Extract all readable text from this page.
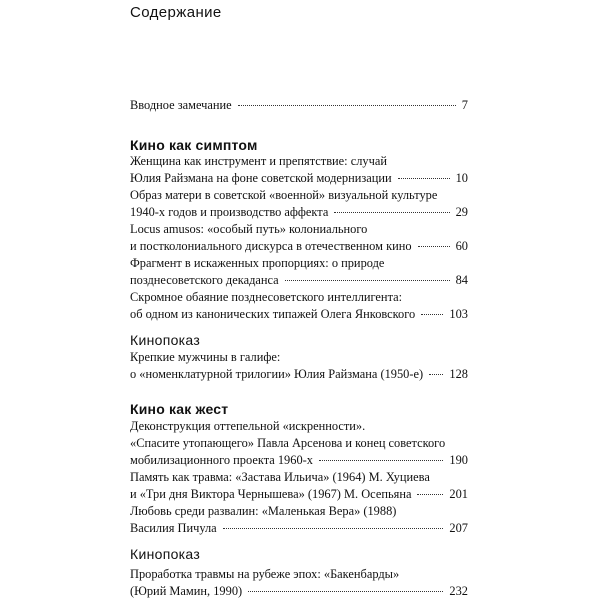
Содержание
Вводное замечание	7
Кино как симптом
Женщина как инструмент и препятствие: случай
Юлия Райзмана на фоне советской модернизации	10
Образ матери в советской «военной» визуальной культуре
1940-х годов и производство аффекта	29
Locus amusos: «особый путь» колониального
и постколониального дискурса в отечественном кино	60
Фрагмент в искаженных пропорциях: о природе
позднесоветского декаданса	84
Скромное обаяние позднесоветского интеллигента:
об одном из канонических типажей Олега Янковского	103
Кинопоказ
Крепкие мужчины в галифе:
о «номенклатурной трилогии» Юлия Райзмана (1950-е) 128
Кино как жест
Деконструкция оттепельной «искренности».
«Спасите утопающего» Павла Арсенова и конец советского
мобилизационного проекта 1960-х	190
Память как травма: «Застава Ильича» (1964) М. Хуциева
и «Три дня Виктора Чернышева» (1967) М. Осепьяна	201
Любовь среди развалин: «Маленькая Вера» (1988)
Василия Пичула	207
Кинопоказ
Проработка травмы на рубеже эпох: «Бакенбарды»
(Юрий Мамин, 1990)	232
